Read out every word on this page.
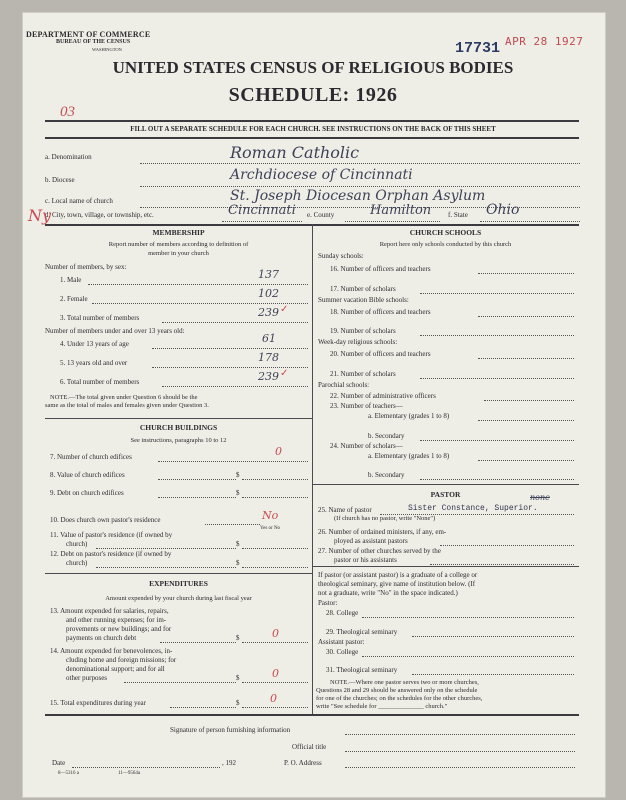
DEPARTMENT OF COMMERCE
BUREAU OF THE CENSUS
WASHINGTON	17731 APR 28 1927
UNITED STATES CENSUS OF RELIGIOUS BODIES
SCHEDULE: 1926
03
FILL OUT A SEPARATE SCHEDULE FOR EACH CHURCH. SEE INSTRUCTIONS ON THE BACK OF THIS SHEET
a. Denomination	Roman Catholic
b. Diocese	Archdiocese of Cincinnati
c. Local name of church	St. Joseph Diocesan Orphan Asylum
d. City, town, village, or township, etc.	Cincinnati e. County	Hamilton f. State Ohio
Ny
MEMBERSHIP
Report number of members according to definition of
member in your church
Number of members, by sex:
1. Male	137
2. Female	102
3. Total number of members	239 ✓
Number of members under and over 13 years old:
4. Under 13 years of age	61
5. 13 years old and over	178
6. Total number of members	239 ✓
NOTE.—The total given under Question 6 should be the
same as the total of males and females given under Question 3.
CHURCH BUILDINGS
See instructions, paragraphs 10 to 12
7. Number of church edifices	0
8. Value of church edifices	$
9. Debt on church edifices	$
10. Does church own pastor's residence	No
Yes or No
11. Value of pastor's residence (if owned by
church)	$
12. Debt on pastor's residence (if owned by
church)	$
EXPENDITURES
Amount expended by your church during last fiscal year
13. Amount expended for salaries, repairs,
and other running expenses; for im-
provements or new buildings; and for
payments on church debt	$	0
14. Amount expended for benevolences, in-
cluding home and foreign missions; for
denominational support; and for all
other purposes	$	0
15. Total expenditures during year	$	0
CHURCH SCHOOLS
Report here only schools conducted by this church
Sunday schools:
16. Number of officers and teachers
17. Number of scholars
Summer vacation Bible schools:
18. Number of officers and teachers
19. Number of scholars
Week-day religious schools:
20. Number of officers and teachers
21. Number of scholars
Parochial schools:
22. Number of administrative officers
23. Number of teachers—
a. Elementary (grades 1 to 8)
b. Secondary
24. Number of scholars—
a. Elementary (grades 1 to 8)
b. Secondary
PASTOR
25. Name of pastor	Sister Constance, Superior.
none
(If church has no pastor, write "None")
26. Number of ordained ministers, if any, em-
ployed as assistant pastors
27. Number of other churches served by the
pastor or his assistants
If pastor (or assistant pastor) is a graduate of a college or
theological seminary, give name of institution below. (If
not a graduate, write "No" in the space indicated.)
Pastor:
28. College
29. Theological seminary
Assistant pastor:
30. College
31. Theological seminary
NOTE.—Where one pastor serves two or more churches,
Questions 28 and 29 should be answered only on the schedule
for one of the churches; on the schedules for the other churches,
write "See schedule for ______________ church."
Signature of person furnishing information
Official title
Date	, 192	P. O. Address
8—5316 a	11—9564a
